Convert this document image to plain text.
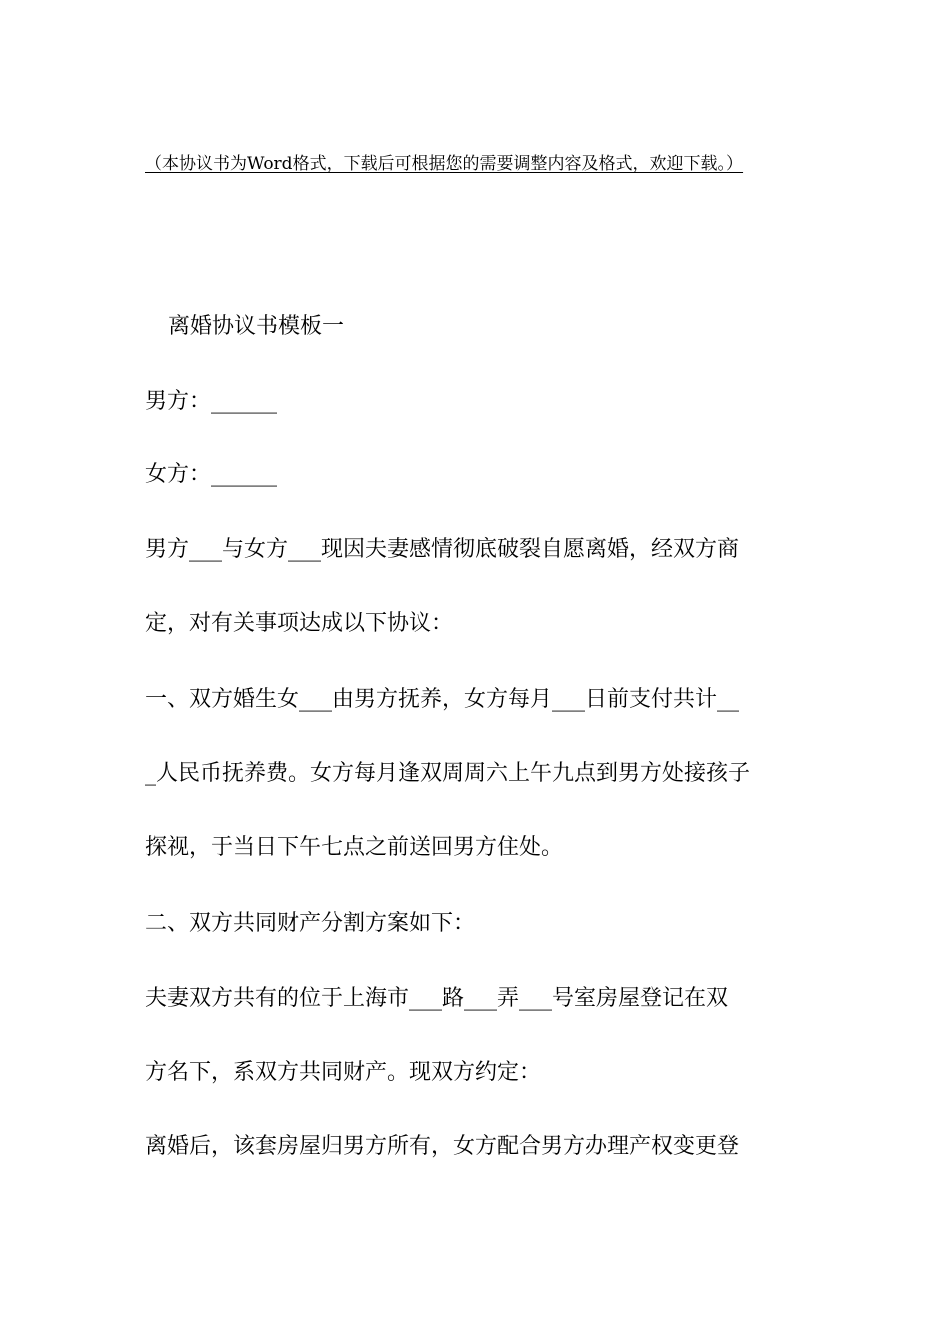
（本协议书为Word格式，下载后可根据您的需要调整内容及格式，欢迎下载。）
离婚协议书模板一
男方：______
女方：______
男方___与女方___现因夫妻感情彻底破裂自愿离婚，经双方商
定，对有关事项达成以下协议：
一、双方婚生女___由男方抚养，女方每月___日前支付共计__
_人民币抚养费。女方每月逢双周周六上午九点到男方处接孩子
探视，于当日下午七点之前送回男方住处。
二、双方共同财产分割方案如下：
夫妻双方共有的位于上海市___路___弄___号室房屋登记在双
方名下，系双方共同财产。现双方约定：
离婚后，该套房屋归男方所有，女方配合男方办理产权变更登
